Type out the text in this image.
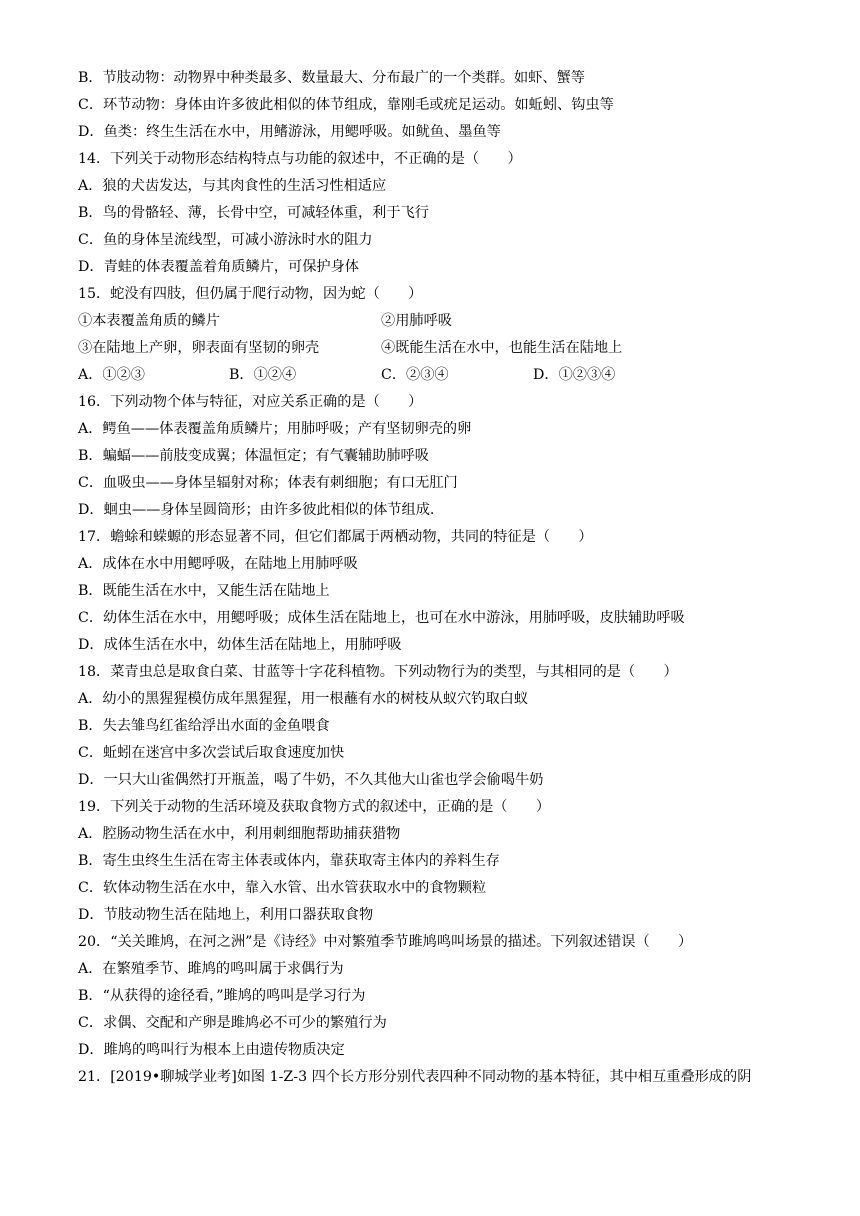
B．节肢动物：动物界中种类最多、数量最大、分布最广的一个类群。如虾、蟹等

C．环节动物：身体由许多彼此相似的体节组成，靠刚毛或疣足运动。如蚯蚓、钩虫等

D．鱼类：终生生活在水中，用鳍游泳，用鳃呼吸。如鱿鱼、墨鱼等

14．下列关于动物形态结构特点与功能的叙述中，不正确的是（　　）

A．狼的犬齿发达，与其肉食性的生活习性相适应

B．鸟的骨骼轻、薄，长骨中空，可减轻体重，利于飞行

C．鱼的身体呈流线型，可减小游泳时水的阻力

D．青蛙的体表覆盖着角质鳞片，可保护身体

15．蛇没有四肢，但仍属于爬行动物，因为蛇（　　）

①本表覆盖角质的鳞片	②用肺呼吸
③在陆地上产卵，卵表面有坚韧的卵壳	④既能生活在水中，也能生活在陆地上
A．①②③	B．①②④	C．②③④	D．①②③④

16．下列动物个体与特征，对应关系正确的是（　　）

A．鳄鱼——体表覆盖角质鳞片；用肺呼吸；产有坚韧卵壳的卵

B．蝙蝠——前肢变成翼；体温恒定；有气囊辅助肺呼吸

C．血吸虫——身体呈辐射对称；体表有刺细胞；有口无肛门

D．蛔虫——身体呈圆筒形；由许多彼此相似的体节组成.

17．蟾蜍和蝾螈的形态显著不同，但它们都属于两栖动物，共同的特征是（　　）

A．成体在水中用鳃呼吸，在陆地上用肺呼吸

B．既能生活在水中，又能生活在陆地上

C．幼体生活在水中，用鳃呼吸；成体生活在陆地上，也可在水中游泳，用肺呼吸，皮肤辅助呼吸

D．成体生活在水中，幼体生活在陆地上，用肺呼吸

18．菜青虫总是取食白菜、甘蓝等十字花科植物。下列动物行为的类型，与其相同的是（　　）

A．幼小的黑猩猩模仿成年黑猩猩，用一根蘸有水的树枝从蚁穴钓取白蚁

B．失去雏鸟红雀给浮出水面的金鱼喂食

C．蚯蚓在迷宫中多次尝试后取食速度加快

D．一只大山雀偶然打开瓶盖，喝了牛奶，不久其他大山雀也学会偷喝牛奶

19．下列关于动物的生活环境及获取食物方式的叙述中，正确的是（　　）

A．腔肠动物生活在水中，利用刺细胞帮助捕获猎物

B．寄生虫终生生活在寄主体表或体内，靠获取寄主体内的养料生存

C．软体动物生活在水中，靠入水管、出水管获取水中的食物颗粒

D．节肢动物生活在陆地上，利用口器获取食物

20．“关关雎鸠，在河之洲”是《诗经》中对繁殖季节雎鸠鸣叫场景的描述。下列叙述错误（　　）

A．在繁殖季节、雎鸠的鸣叫属于求偶行为

B．“从获得的途径看，”雎鸠的鸣叫是学习行为

C．求偶、交配和产卵是雎鸠必不可少的繁殖行为

D．雎鸠的鸣叫行为根本上由遗传物质决定

21．[2019•聊城学业考]如图 1-Z-3 四个长方形分别代表四种不同动物的基本特征，其中相互重叠形成的阴
